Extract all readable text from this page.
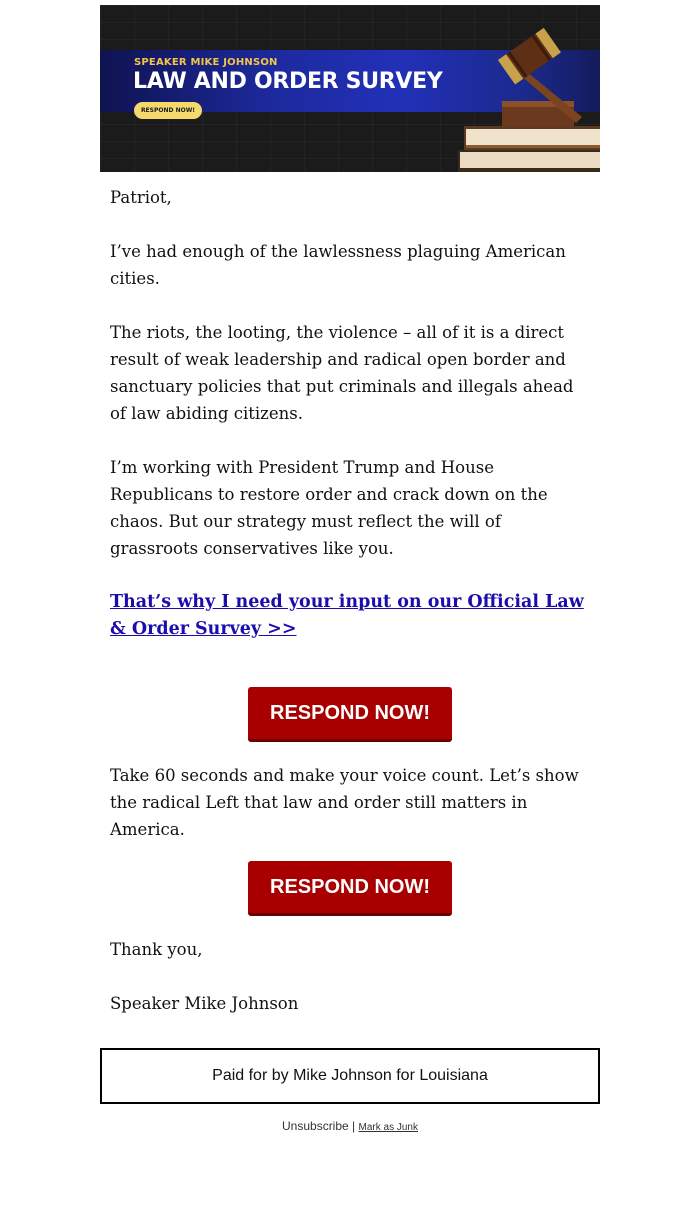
SPEAKER MIKE JOHNSON
LAW AND ORDER SURVEY
RESPOND NOW!

Patriot,

I’ve had enough of the lawlessness plaguing American cities.

The riots, the looting, the violence – all of it is a direct result of weak leadership and radical open border and sanctuary policies that put criminals and illegals ahead of law abiding citizens.

I’m working with President Trump and House Republicans to restore order and crack down on the chaos. But our strategy must reflect the will of grassroots conservatives like you.

That’s why I need your input on our Official Law & Order Survey >>
RESPOND NOW!

Take 60 seconds and make your voice count. Let’s show the radical Left that law and order still matters in America.

RESPOND NOW!

Thank you,

Speaker Mike Johnson

Paid for by Mike Johnson for Louisiana
Unsubscribe | Mark as Junk
